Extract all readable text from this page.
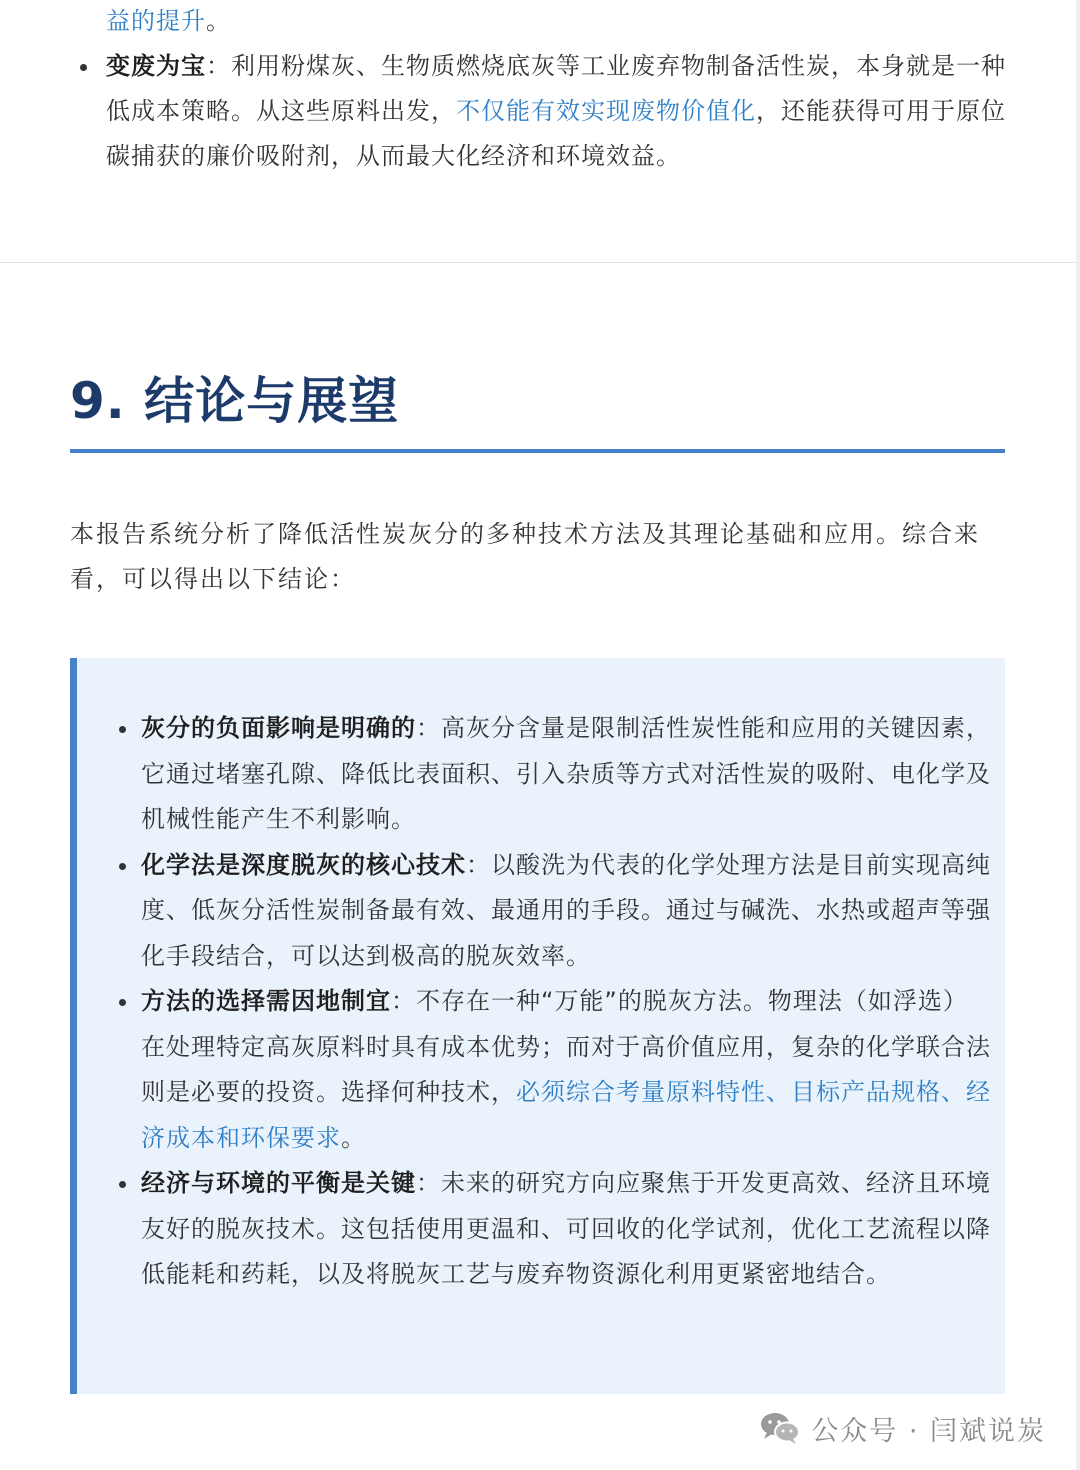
益的提升。

变废为宝：利用粉煤灰、生物质燃烧底灰等工业废弃物制备活性炭，本身就是一种低成本策略。从这些原料出发，不仅能有效实现废物价值化，还能获得可用于原位碳捕获的廉价吸附剂，从而最大化经济和环境效益。

9. 结论与展望

本报告系统分析了降低活性炭灰分的多种技术方法及其理论基础和应用。综合来看，可以得出以下结论：

灰分的负面影响是明确的：高灰分含量是限制活性炭性能和应用的关键因素，它通过堵塞孔隙、降低比表面积、引入杂质等方式对活性炭的吸附、电化学及机械性能产生不利影响。
化学法是深度脱灰的核心技术：以酸洗为代表的化学处理方法是目前实现高纯度、低灰分活性炭制备最有效、最通用的手段。通过与碱洗、水热或超声等强化手段结合，可以达到极高的脱灰效率。
方法的选择需因地制宜：不存在一种“万能”的脱灰方法。物理法（如浮选）在处理特定高灰原料时具有成本优势；而对于高价值应用，复杂的化学联合法则是必要的投资。选择何种技术，必须综合考量原料特性、目标产品规格、经济成本和环保要求。
经济与环境的平衡是关键：未来的研究方向应聚焦于开发更高效、经济且环境友好的脱灰技术。这包括使用更温和、可回收的化学试剂，优化工艺流程以降低能耗和药耗，以及将脱灰工艺与废弃物资源化利用更紧密地结合。
公众号 · 闫斌说炭
